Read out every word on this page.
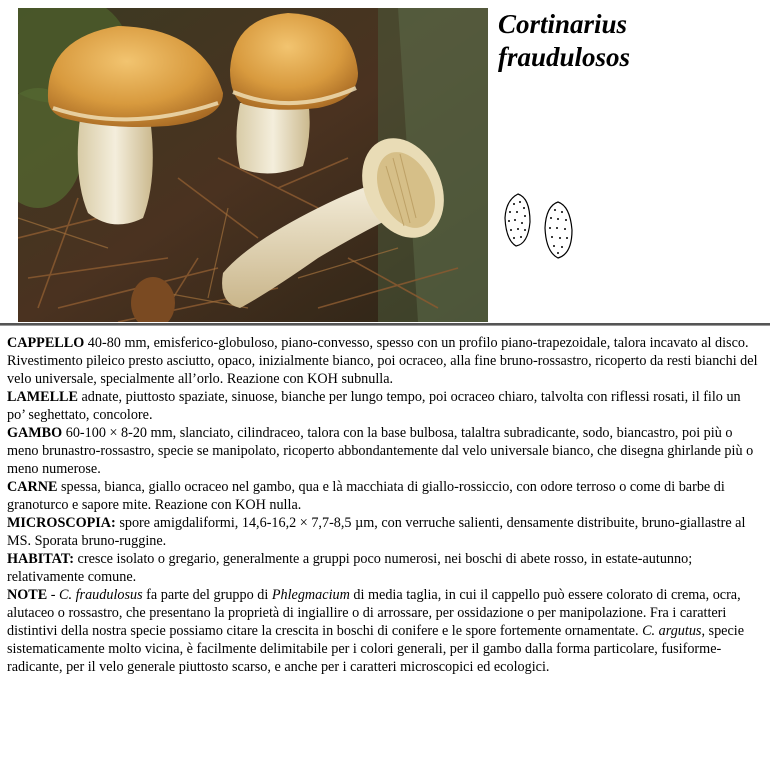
Cortinarius
fraudulosos

CAPPELLO 40-80 mm, emisferico-globuloso, piano-convesso, spesso con un profilo piano-trapezoidale, talora incavato al disco. Rivestimento pileico presto asciutto, opaco, inizialmente bianco, poi ocraceo, alla fine bruno-rossastro, ricoperto da resti bianchi del velo universale, specialmente all’orlo. Reazione con KOH subnulla.

LAMELLE adnate, piuttosto spaziate, sinuose, bianche per lungo tempo, poi ocraceo chiaro, talvolta con riflessi rosati, il filo un po’ seghettato, concolore.

GAMBO 60-100 × 8-20 mm, slanciato, cilindraceo, talora con la base bulbosa, talaltra subradicante, sodo, biancastro, poi più o meno brunastro-rossastro, specie se manipolato, ricoperto abbondantemente dal velo universale bianco, che disegna ghirlande più o meno numerose.

CARNE spessa, bianca, giallo ocraceo nel gambo, qua e là macchiata di giallo-rossiccio, con odore terroso o come di barbe di granoturco e sapore mite. Reazione con KOH nulla.

MICROSCOPIA: spore amigdaliformi, 14,6-16,2 × 7,7-8,5 µm, con verruche salienti, densamente distribuite, bruno-giallastre al MS. Sporata bruno-ruggine.

HABITAT: cresce isolato o gregario, generalmente a gruppi poco numerosi, nei boschi di abete rosso, in estate-autunno; relativamente comune.

NOTE - C. fraudulosus fa parte del gruppo di Phlegmacium di media taglia, in cui il cappello può essere colorato di crema, ocra, alutaceo o rossastro, che presentano la proprietà di ingiallire o di arrossare, per ossidazione o per manipolazione. Fra i caratteri distintivi della nostra specie possiamo citare la crescita in boschi di conifere e le spore fortemente ornamentate. C. argutus, specie sistematicamente molto vicina, è facilmente delimitabile per i colori generali, per il gambo dalla forma particolare, fusiforme-radicante, per il velo generale piuttosto scarso, e anche per i caratteri microscopici ed ecologici.
